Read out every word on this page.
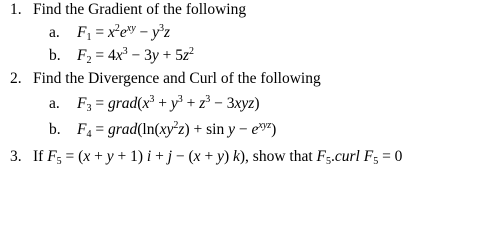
1. Find the Gradient of the following
a. $F_1 = x^2e^{xy} - y^3z$
b. $F_2 = 4x^3 - 3y + 5z^2$
2. Find the Divergence and Curl of the following
a. $F_3$ = $grad(x^3 + y^3 + z^3 - 3xyz)$
b. $F_4$ = $grad(\ln(xy^2z) + \sin y - e^{xyz})$
3. If $F_5 = (x + y + 1) i + j - (x + y)$ k), show that $F_5.curl$ $F_5 = 0$
